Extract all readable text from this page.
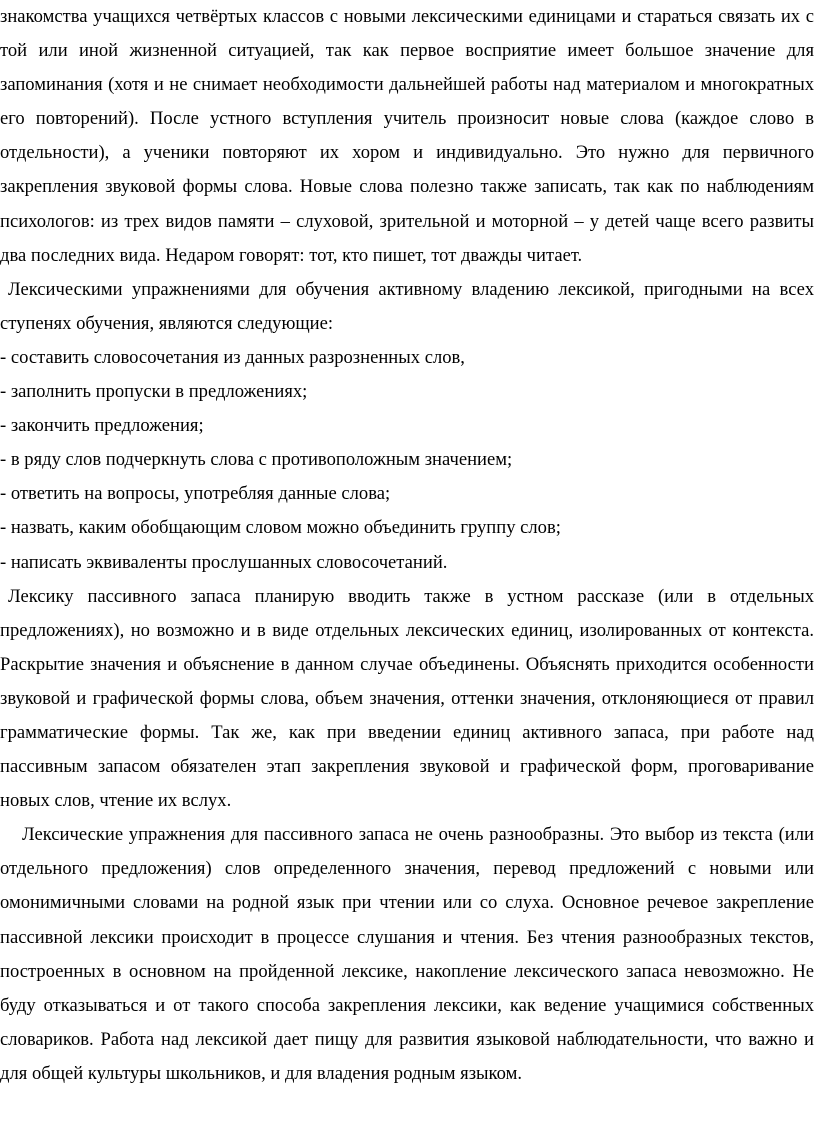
знакомства учащихся четвёртых классов с новыми лексическими единицами и стараться связать их с той или иной жизненной ситуацией, так как первое восприятие имеет большое значение для запоминания (хотя и не снимает необходимости дальнейшей работы над материалом и многократных его повторений). После устного вступления учитель произносит новые слова (каждое слово в отдельности), а ученики повторяют их хором и индивидуально. Это нужно для первичного закрепления звуковой формы слова. Новые слова полезно также записать, так как по наблюдениям психологов: из трех видов памяти – слуховой, зрительной и моторной – у детей чаще всего развиты два последних вида. Недаром говорят: тот, кто пишет, тот дважды читает.

Лексическими упражнениями для обучения активному владению лексикой, пригодными на всех ступенях обучения, являются следующие:

- составить словосочетания из данных разрозненных слов,
- заполнить пропуски в предложениях;
- закончить предложения;
- в ряду слов подчеркнуть слова с противоположным значением;
- ответить на вопросы, употребляя данные слова;
- назвать, каким обобщающим словом можно объединить группу слов;
- написать эквиваленты прослушанных словосочетаний.

Лексику пассивного запаса планирую вводить также в устном рассказе (или в отдельных предложениях), но возможно и в виде отдельных лексических единиц, изолированных от контекста. Раскрытие значения и объяснение в данном случае объединены. Объяснять приходится особенности звуковой и графической формы слова, объем значения, оттенки значения, отклоняющиеся от правил грамматические формы. Так же, как при введении единиц активного запаса, при работе над пассивным запасом обязателен этап закрепления звуковой и графической форм, проговаривание новых слов, чтение их вслух.

Лексические упражнения для пассивного запаса не очень разнообразны. Это выбор из текста (или отдельного предложения) слов определенного значения, перевод предложений с новыми или омонимичными словами на родной язык при чтении или со слуха. Основное речевое закрепление пассивной лексики происходит в процессе слушания и чтения. Без чтения разнообразных текстов, построенных в основном на пройденной лексике, накопление лексического запаса невозможно. Не буду отказываться и от такого способа закрепления лексики, как ведение учащимися собственных словариков. Работа над лексикой дает пищу для развития языковой наблюдательности, что важно и для общей культуры школьников, и для владения родным языком.
